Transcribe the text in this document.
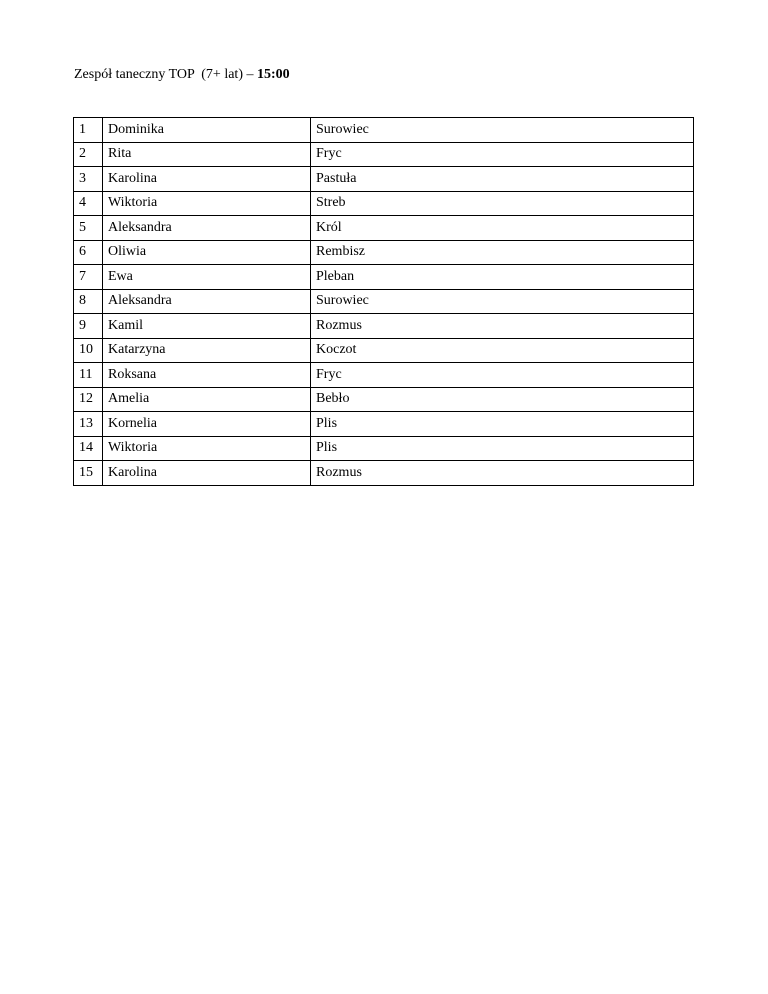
Zespół taneczny TOP  (7+ lat) – 15:00
1	Dominika	Surowiec
2	Rita	Fryc
3	Karolina	Pastuła
4	Wiktoria	Streb
5	Aleksandra	Król
6	Oliwia	Rembisz
7	Ewa	Pleban
8	Aleksandra	Surowiec
9	Kamil	Rozmus
10	Katarzyna	Koczot
11	Roksana	Fryc
12	Amelia	Bebło
13	Kornelia	Plis
14	Wiktoria	Plis
15	Karolina	Rozmus
